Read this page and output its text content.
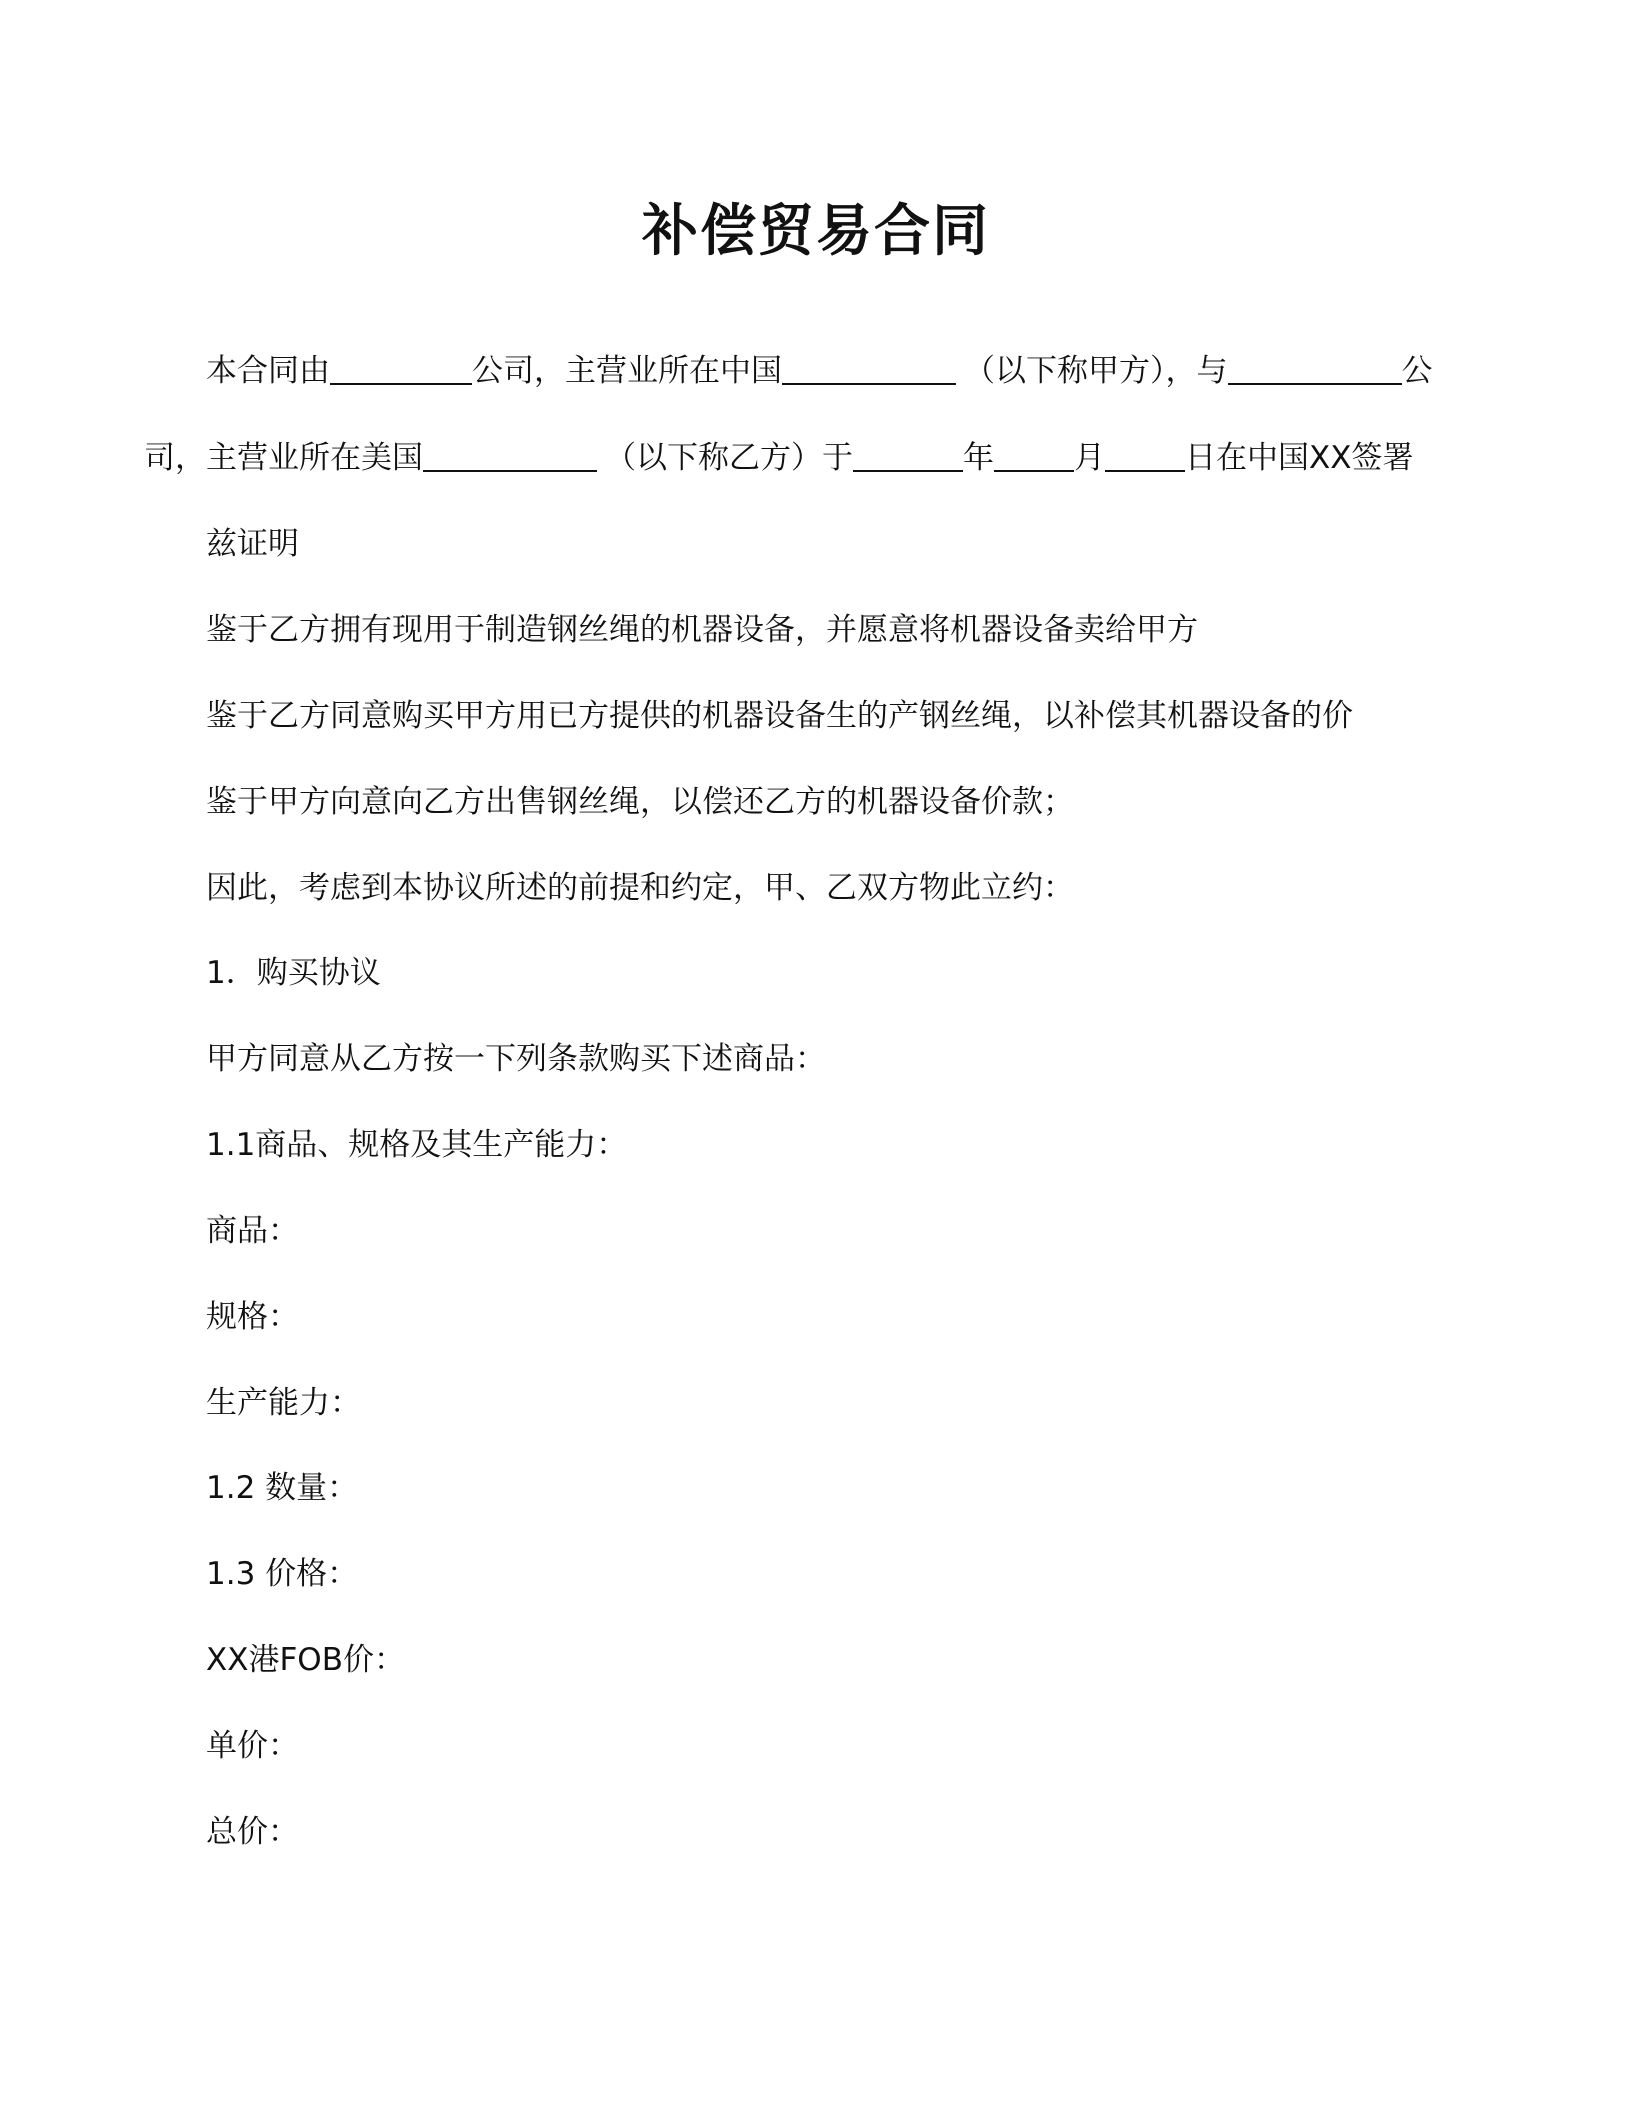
补偿贸易合同
本合同由	公司，主营业所在中国	（以下称甲方），与	公
司，主营业所在美国	（以下称乙方）于	年	月	日在中国XX签署
兹证明
鉴于乙方拥有现用于制造钢丝绳的机器设备，并愿意将机器设备卖给甲方
鉴于乙方同意购买甲方用已方提供的机器设备生的产钢丝绳，以补偿其机器设备的价
鉴于甲方向意向乙方出售钢丝绳，以偿还乙方的机器设备价款；
因此，考虑到本协议所述的前提和约定，甲、乙双方物此立约：
1．购买协议
甲方同意从乙方按一下列条款购买下述商品：
1.1商品、规格及其生产能力：
商品：
规格：
生产能力：
1.2 数量：
1.3 价格：
XX港FOB价：
单价：
总价：
